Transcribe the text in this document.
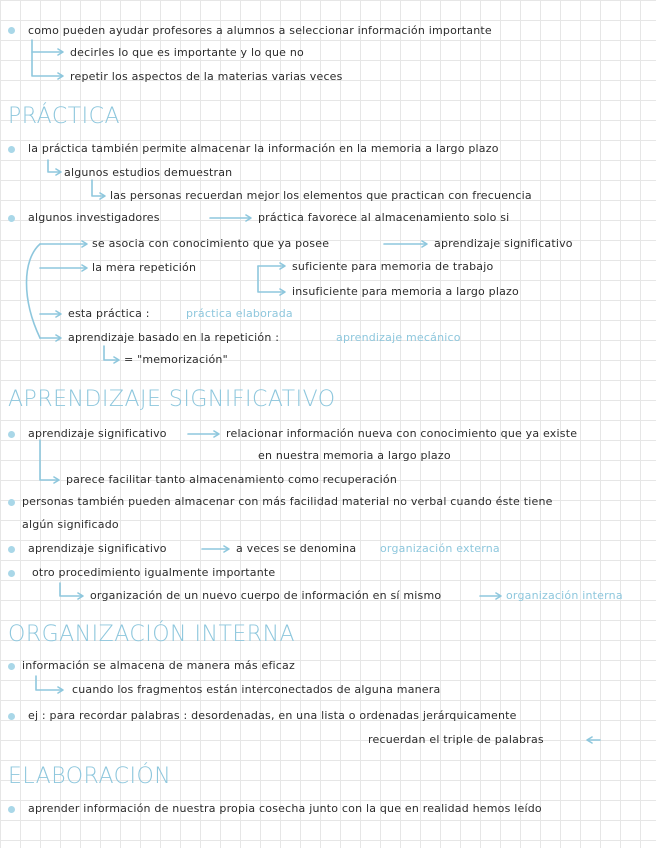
como pueden ayudar profesores a alumnos a seleccionar información importante
decirles lo que es importante y lo que no
repetir los aspectos de la materias varias veces
PRÁCTICA
la práctica también permite almacenar la información en la memoria a largo plazo
algunos estudios demuestran
las personas recuerdan mejor los elementos que practican con frecuencia
algunos investigadores	práctica favorece al almacenamiento solo si
se asocia con conocimiento que ya posee	aprendizaje significativo
la mera repetición	suficiente para memoria de trabajo
insuficiente para memoria a largo plazo
esta práctica :	práctica elaborada
aprendizaje basado en la repetición :	aprendizaje mecánico
= "memorización"
APRENDIZAJE SIGNIFICATIVO
aprendizaje significativo	relacionar información nueva con conocimiento que ya existe
en nuestra memoria a largo plazo
parece facilitar tanto almacenamiento como recuperación
personas también pueden almacenar con más facilidad material no verbal cuando éste tiene
algún significado
aprendizaje significativo	a veces se denomina organización externa
otro procedimiento igualmente importante
organización de un nuevo cuerpo de información en sí mismo	organización interna
ORGANIZACIÓN INTERNA
información se almacena de manera más eficaz
cuando los fragmentos están interconectados de alguna manera
ej : para recordar palabras : desordenadas, en una lista o ordenadas jerárquicamente
recuerdan el triple de palabras
ELABORACIÓN
aprender información de nuestra propia cosecha junto con la que en realidad hemos leído
